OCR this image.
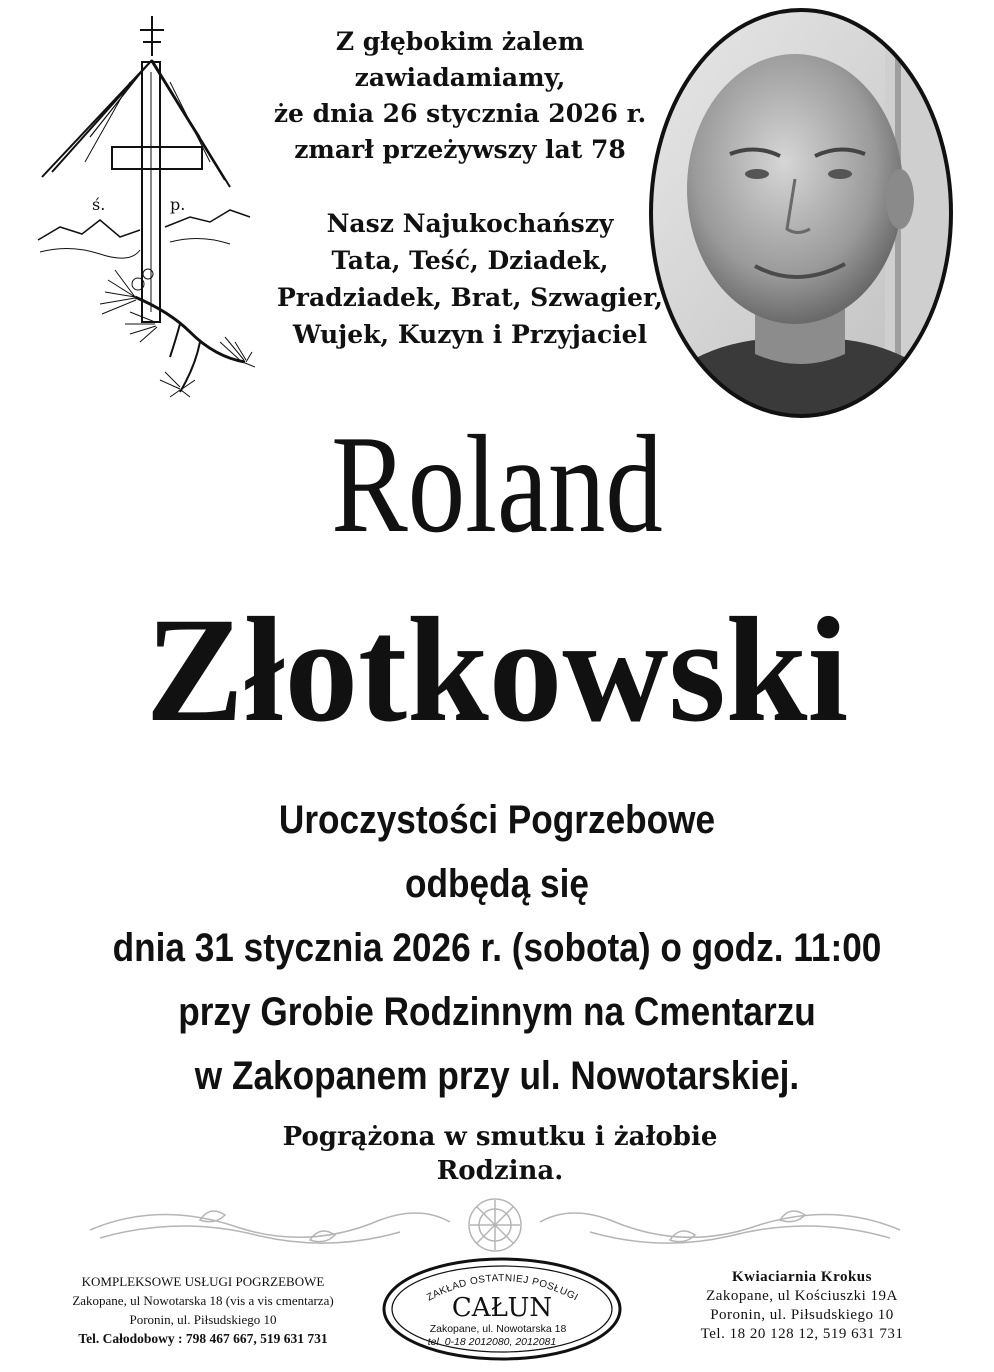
ś.	p.
Z głębokim żalem zawiadamiamy,
że dnia 26 stycznia 2026 r.
zmarł przeżywszy lat 78
Nasz Najukochańszy
Tata, Teść, Dziadek,
Pradziadek, Brat, Szwagier,
Wujek, Kuzyn i Przyjaciel
Roland
Złotkowski
Uroczystości Pogrzebowe
odbędą się
dnia 31 stycznia 2026 r. (sobota) o godz. 11:00
przy Grobie Rodzinnym na Cmentarzu
w Zakopanem przy ul. Nowotarskiej.
Pogrążona w smutku i żałobie
Rodzina.
KOMPLEKSOWE USŁUGI POGRZEBOWE
Zakopane, ul Nowotarska 18 (vis a vis cmentarza)
Poronin, ul. Piłsudskiego 10
Tel. Całodobowy : 798 467 667, 519 631 731
ZAKŁAD OSTATNIEJ POSŁUGI
CAŁUN
Zakopane, ul. Nowotarska 18
tel. 0-18 2012080, 2012081
Kwiaciarnia Krokus
Zakopane, ul Kościuszki 19A
Poronin, ul. Piłsudskiego 10
Tel. 18 20 128 12, 519 631 731
